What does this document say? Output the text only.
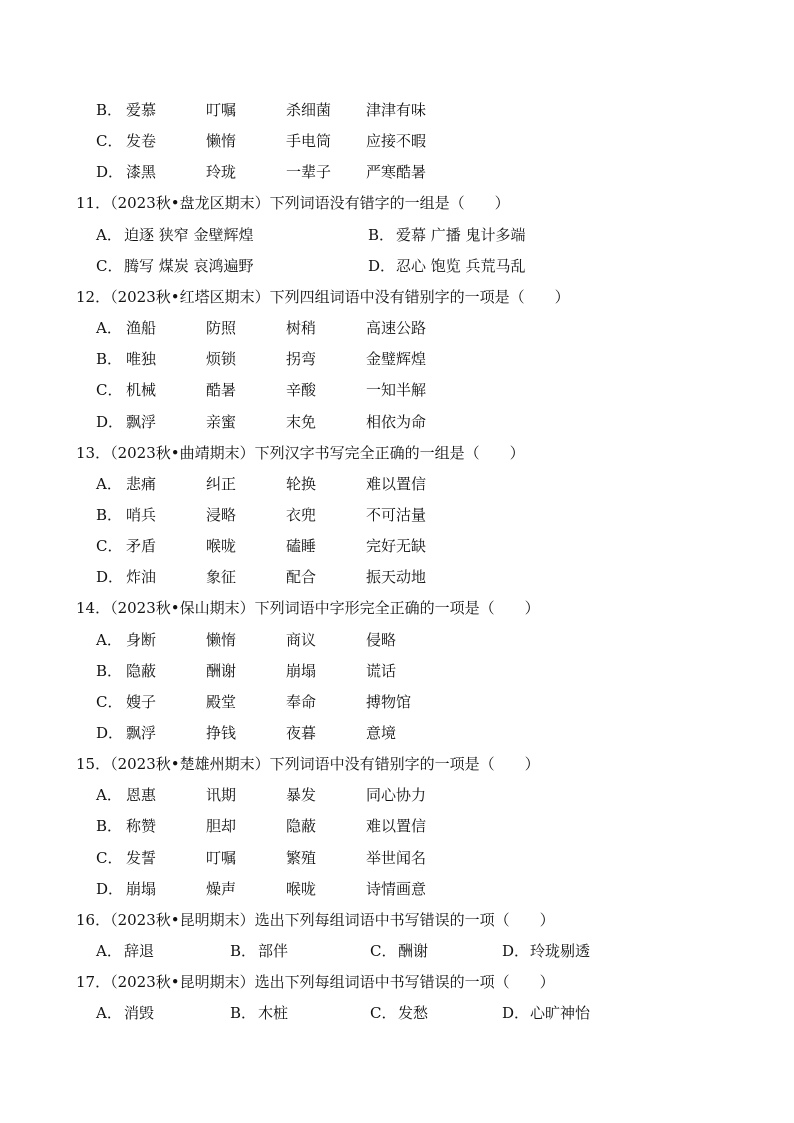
B． 爱慕	叮嘱	杀细菌 津津有味
C． 发卷	懒惰	手电筒 应接不暇
D． 漆黑	玲珑	一辈子 严寒酷暑
11．（2023秋•盘龙区期末）下列词语没有错字的一组是（　　）
A． 迫逐 狭窄 金壁辉煌	B． 爱幕 广播 鬼计多端
C． 腾写 煤炭 哀鸿遍野	D． 忍心 饱览 兵荒马乱
12．（2023秋•红塔区期末）下列四组词语中没有错别字的一项是（　　）
A． 渔船	防照	树稍	高速公路
B． 唯独	烦锁	拐弯	金璧辉煌
C． 机械	酷暑	辛酸	一知半解
D． 飘浮	亲蜜	末免	相依为命
13．（2023秋•曲靖期末）下列汉字书写完全正确的一组是（　　）
A． 悲痛	纠正	轮换	难以置信
B． 哨兵	浸略	衣兜	不可沽量
C． 矛盾	喉咙	磕睡	完好无缺
D． 炸油	象征	配合	振天动地
14．（2023秋•保山期末）下列词语中字形完全正确的一项是（　　）
A． 身断	懒惰	商议	侵略
B． 隐蔽	酬谢	崩塌	谎话
C． 嫂子	殿堂	奉命	搏物馆
D． 飘浮	挣钱	夜暮	意境
15．（2023秋•楚雄州期末）下列词语中没有错别字的一项是（　　）
A． 恩惠	讯期	暴发	同心协力
B． 称赞	胆却	隐蔽	难以置信
C． 发誓	叮嘱	繁殖	举世闻名
D． 崩塌	燥声	喉咙	诗情画意
16．（2023秋•昆明期末）选出下列每组词语中书写错误的一项（　　）
A． 辞退	B． 部伴	C． 酬谢	D． 玲珑剔透
17．（2023秋•昆明期末）选出下列每组词语中书写错误的一项（　　）
A． 消毁	B． 木桩	C． 发愁	D． 心旷神怡
